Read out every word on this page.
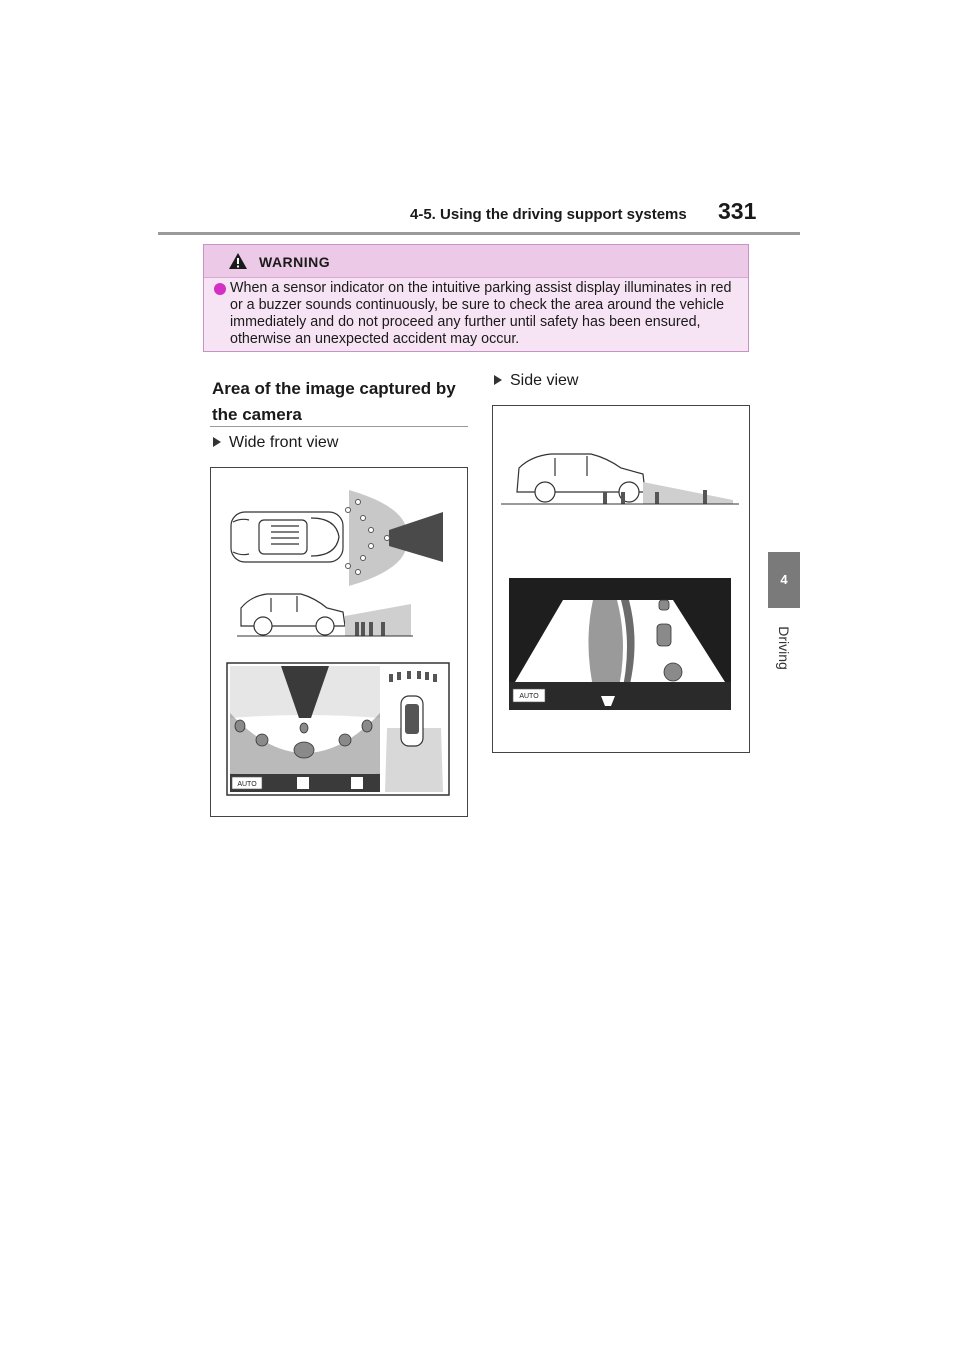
4-5. Using the driving support systems 331
4
Driving
WARNING
When a sensor indicator on the intuitive parking assist display illuminates in red or a buzzer sounds continuously, be sure to check the area around the vehicle immediately and do not proceed any further until safety has been ensured, otherwise an unexpected accident may occur.
Area of the image captured by the camera
Wide front view
AUTO
Side view
AUTO
